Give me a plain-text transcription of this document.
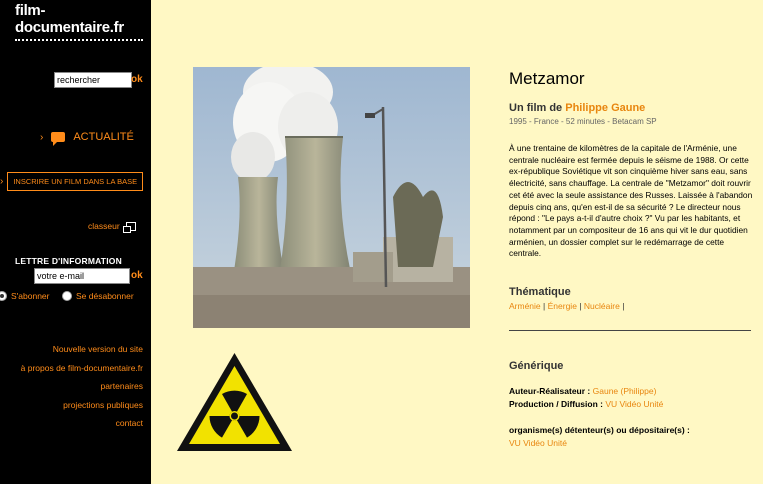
film-documentaire.fr
rechercher
ok
›	ACTUALITÉ
›	INSCRIRE UN FILM DANS LA BASE
classeur
LETTRE D'INFORMATION
votre e-mail
ok
S'abonner	Se désabonner
Nouvelle version du site
à propos de film-documentaire.fr
partenaires
projections publiques
contact
Metzamor
Un film de Philippe Gaune
1995 - France - 52 minutes - Betacam SP
À une trentaine de kilomètres de la capitale de l'Arménie, une centrale nucléaire est fermée depuis le séisme de 1988. Or cette ex-république Soviétique vit son cinquième hiver sans eau, sans électricité, sans chauffage. La centrale de "Metzamor" doit rouvrir cet été avec la seule assistance des Russes. Laissée à l'abandon depuis cinq ans, qu'en est-il de sa sécurité ? Le directeur nous répond : "Le pays a-t-il d'autre choix ?" Vu par les habitants, et notamment par un compositeur de 16 ans qui vit le dur quotidien arménien, un dossier complet sur le redémarrage de cette centrale.
Thématique
Arménie | Énergie | Nucléaire |
Générique
Auteur-Réalisateur : Gaune (Philippe)
Production / Diffusion : VU Vidéo Unité
organisme(s) détenteur(s) ou dépositaire(s) :
VU Vidéo Unité
